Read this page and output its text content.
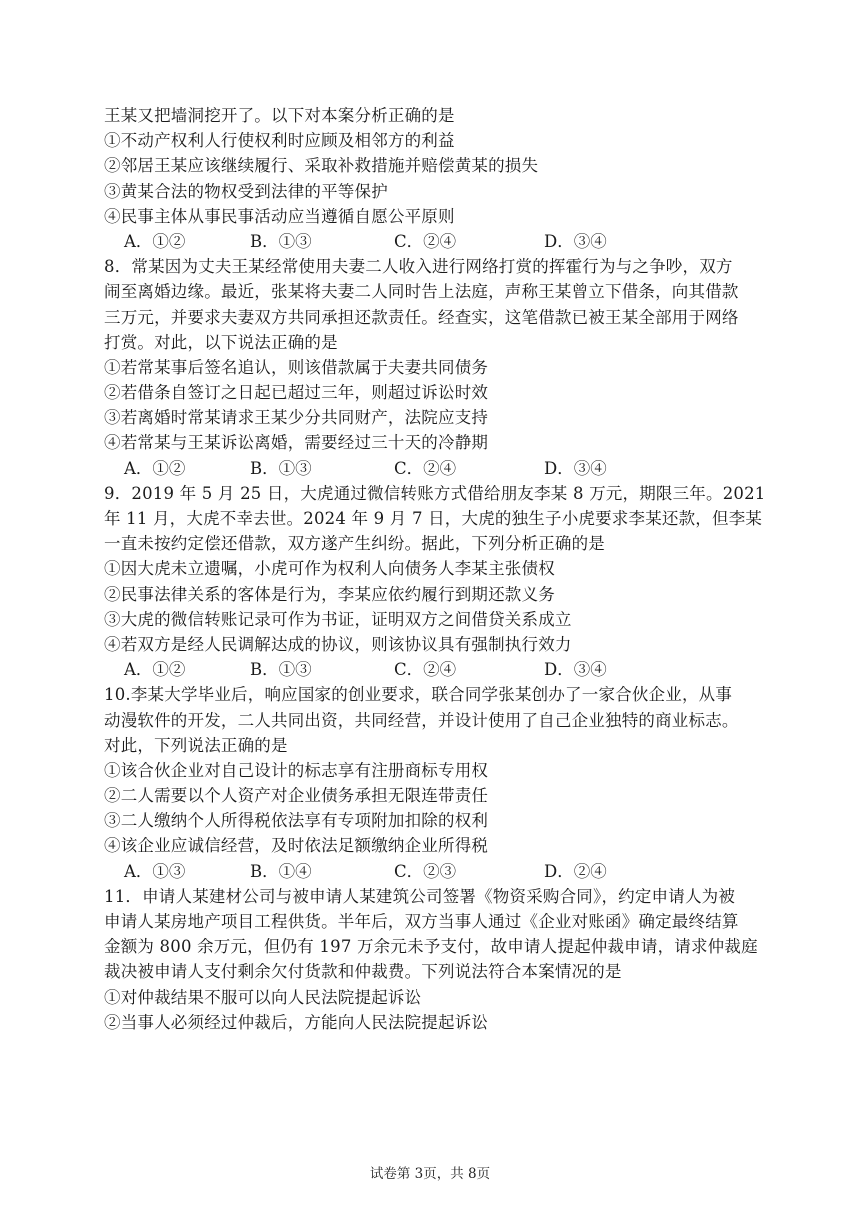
王某又把墙洞挖开了。以下对本案分析正确的是
①不动产权利人行使权利时应顾及相邻方的利益
②邻居王某应该继续履行、采取补救措施并赔偿黄某的损失
③黄某合法的物权受到法律的平等保护
④民事主体从事民事活动应当遵循自愿公平原则
A．①②	B．①③	C．②④	D．③④
8．常某因为丈夫王某经常使用夫妻二人收入进行网络打赏的挥霍行为与之争吵，双方
闹至离婚边缘。最近，张某将夫妻二人同时告上法庭，声称王某曾立下借条，向其借款
三万元，并要求夫妻双方共同承担还款责任。经查实，这笔借款已被王某全部用于网络
打赏。对此，以下说法正确的是
①若常某事后签名追认，则该借款属于夫妻共同债务
②若借条自签订之日起已超过三年，则超过诉讼时效
③若离婚时常某请求王某少分共同财产，法院应支持
④若常某与王某诉讼离婚，需要经过三十天的冷静期
A．①②	B．①③	C．②④	D．③④
9．2019 年 5 月 25 日，大虎通过微信转账方式借给朋友李某 8 万元，期限三年。2021
年 11 月，大虎不幸去世。2024 年 9 月 7 日，大虎的独生子小虎要求李某还款，但李某
一直未按约定偿还借款，双方遂产生纠纷。据此，下列分析正确的是
①因大虎未立遗嘱，小虎可作为权利人向债务人李某主张债权
②民事法律关系的客体是行为，李某应依约履行到期还款义务
③大虎的微信转账记录可作为书证，证明双方之间借贷关系成立
④若双方是经人民调解达成的协议，则该协议具有强制执行效力
A．①②	B．①③	C．②④	D．③④
10.李某大学毕业后，响应国家的创业要求，联合同学张某创办了一家合伙企业，从事
动漫软件的开发，二人共同出资，共同经营，并设计使用了自己企业独特的商业标志。
对此，下列说法正确的是
①该合伙企业对自己设计的标志享有注册商标专用权
②二人需要以个人资产对企业债务承担无限连带责任
③二人缴纳个人所得税依法享有专项附加扣除的权利
④该企业应诚信经营，及时依法足额缴纳企业所得税
A．①③	B．①④	C．②③	D．②④
11．申请人某建材公司与被申请人某建筑公司签署《物资采购合同》，约定申请人为被
申请人某房地产项目工程供货。半年后，双方当事人通过《企业对账函》确定最终结算
金额为 800 余万元，但仍有 197 万余元未予支付，故申请人提起仲裁申请，请求仲裁庭
裁决被申请人支付剩余欠付货款和仲裁费。下列说法符合本案情况的是
①对仲裁结果不服可以向人民法院提起诉讼
②当事人必须经过仲裁后，方能向人民法院提起诉讼
试卷第 3页，共 8页
